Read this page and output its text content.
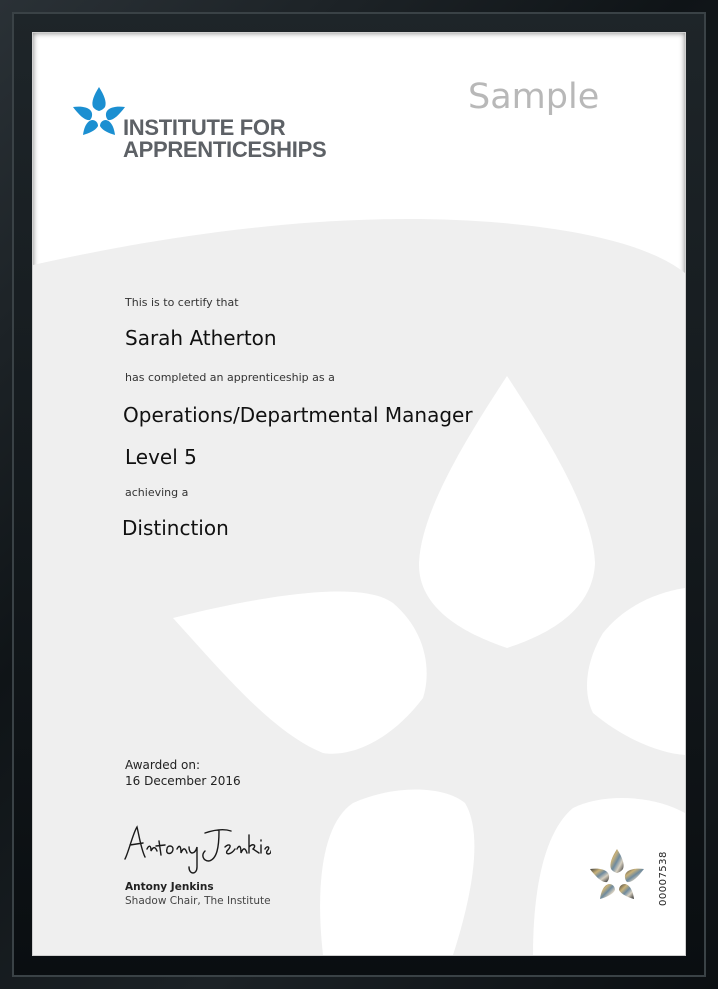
INSTITUTE FOR
APPRENTICESHIPS
Sample
This is to certify that
Sarah Atherton
has completed an apprenticeship as a
Operations/Departmental Manager
Level 5
achieving a
Distinction
Awarded on:
16 December 2016
Antony Jenkins
Shadow Chair, The Institute	00007538
